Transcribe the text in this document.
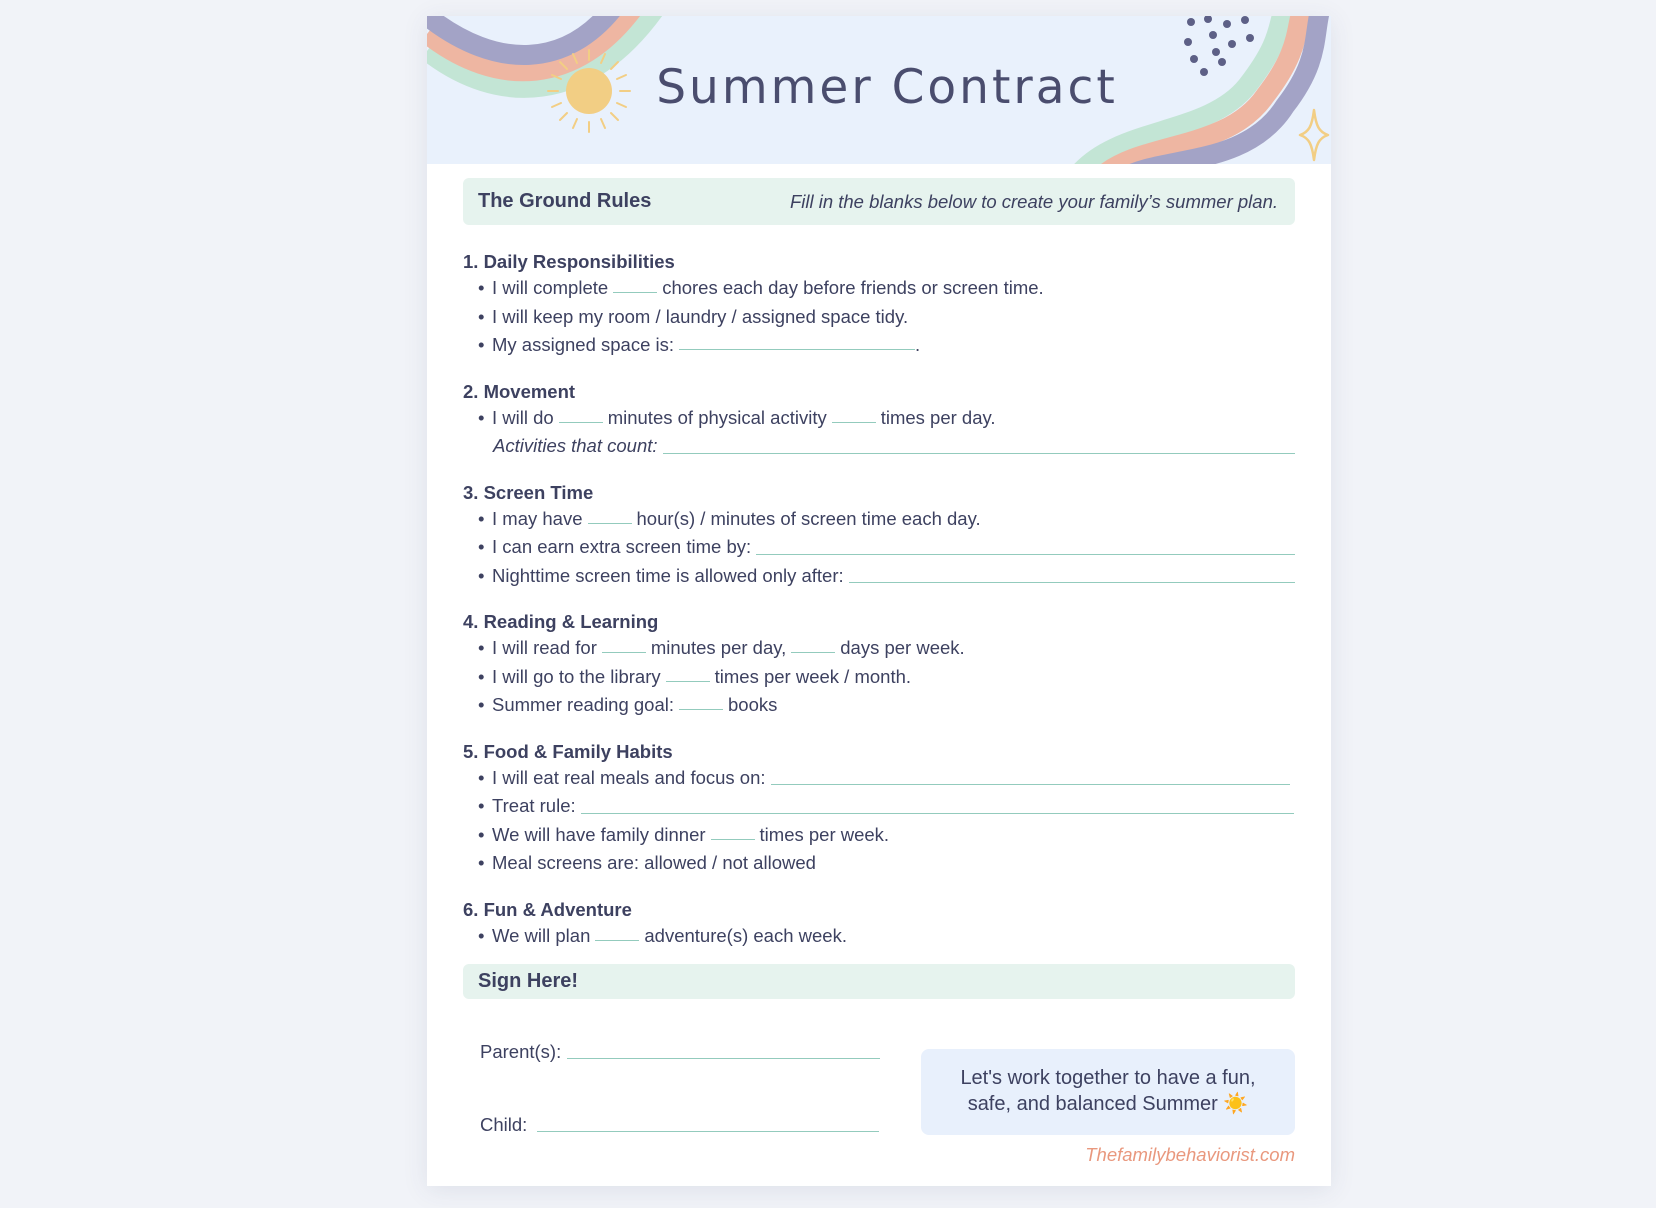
Summer Contract
The Ground Rules	Fill in the blanks below to create your family’s summer plan.
1. Daily Responsibilities
• I will complete	chores each day before friends or screen time.
• I will keep my room / laundry / assigned space tidy.
• My assigned space is:	.
2. Movement
• I will do	minutes of physical activity	times per day.
Activities that count:
3. Screen Time
• I may have	hour(s) / minutes of screen time each day.
• I can earn extra screen time by:
• Nighttime screen time is allowed only after:
4. Reading & Learning
• I will read for	minutes per day,	days per week.
• I will go to the library	times per week / month.
• Summer reading goal:	books
5. Food & Family Habits
• I will eat real meals and focus on:
• Treat rule:
• We will have family dinner	times per week.
• Meal screens are: allowed / not allowed
6. Fun & Adventure
• We will plan	adventure(s) each week.
Sign Here!
Parent(s):
Child:
Let's work together to have a fun,
safe, and balanced Summer ☀️
Thefamilybehaviorist.com
